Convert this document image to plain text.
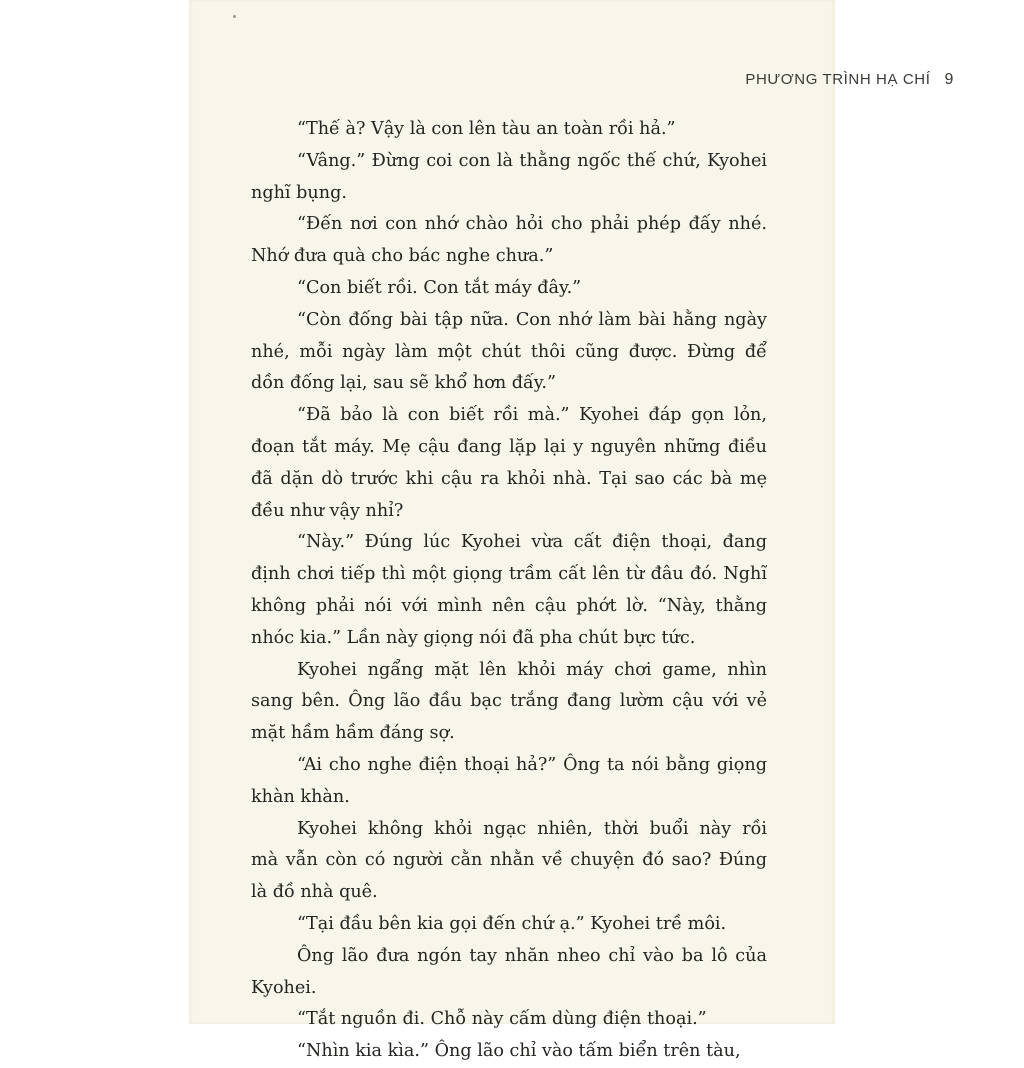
PHƯƠNG TRÌNH HẠ CHÍ 9

“Thế à? Vậy là con lên tàu an toàn rồi hả.”

“Vâng.” Đừng coi con là thằng ngốc thế chứ, Kyohei
nghĩ bụng.

“Đến nơi con nhớ chào hỏi cho phải phép đấy nhé.
Nhớ đưa quà cho bác nghe chưa.”

“Con biết rồi. Con tắt máy đây.”

“Còn đống bài tập nữa. Con nhớ làm bài hằng ngày
nhé, mỗi ngày làm một chút thôi cũng được. Đừng để
dồn đống lại, sau sẽ khổ hơn đấy.”

“Đã bảo là con biết rồi mà.” Kyohei đáp gọn lỏn,
đoạn tắt máy. Mẹ cậu đang lặp lại y nguyên những điều
đã dặn dò trước khi cậu ra khỏi nhà. Tại sao các bà mẹ
đều như vậy nhỉ?

“Này.” Đúng lúc Kyohei vừa cất điện thoại, đang
định chơi tiếp thì một giọng trầm cất lên từ đâu đó. Nghĩ
không phải nói với mình nên cậu phớt lờ. “Này, thằng
nhóc kia.” Lần này giọng nói đã pha chút bực tức.

Kyohei ngẩng mặt lên khỏi máy chơi game, nhìn
sang bên. Ông lão đầu bạc trắng đang lườm cậu với vẻ
mặt hầm hầm đáng sợ.

“Ai cho nghe điện thoại hả?” Ông ta nói bằng giọng
khàn khàn.

Kyohei không khỏi ngạc nhiên, thời buổi này rồi
mà vẫn còn có người cằn nhằn về chuyện đó sao? Đúng
là đồ nhà quê.

“Tại đầu bên kia gọi đến chứ ạ.” Kyohei trề môi.

Ông lão đưa ngón tay nhăn nheo chỉ vào ba lô của
Kyohei.

“Tắt nguồn đi. Chỗ này cấm dùng điện thoại.”

“Nhìn kia kìa.” Ông lão chỉ vào tấm biển trên tàu,
